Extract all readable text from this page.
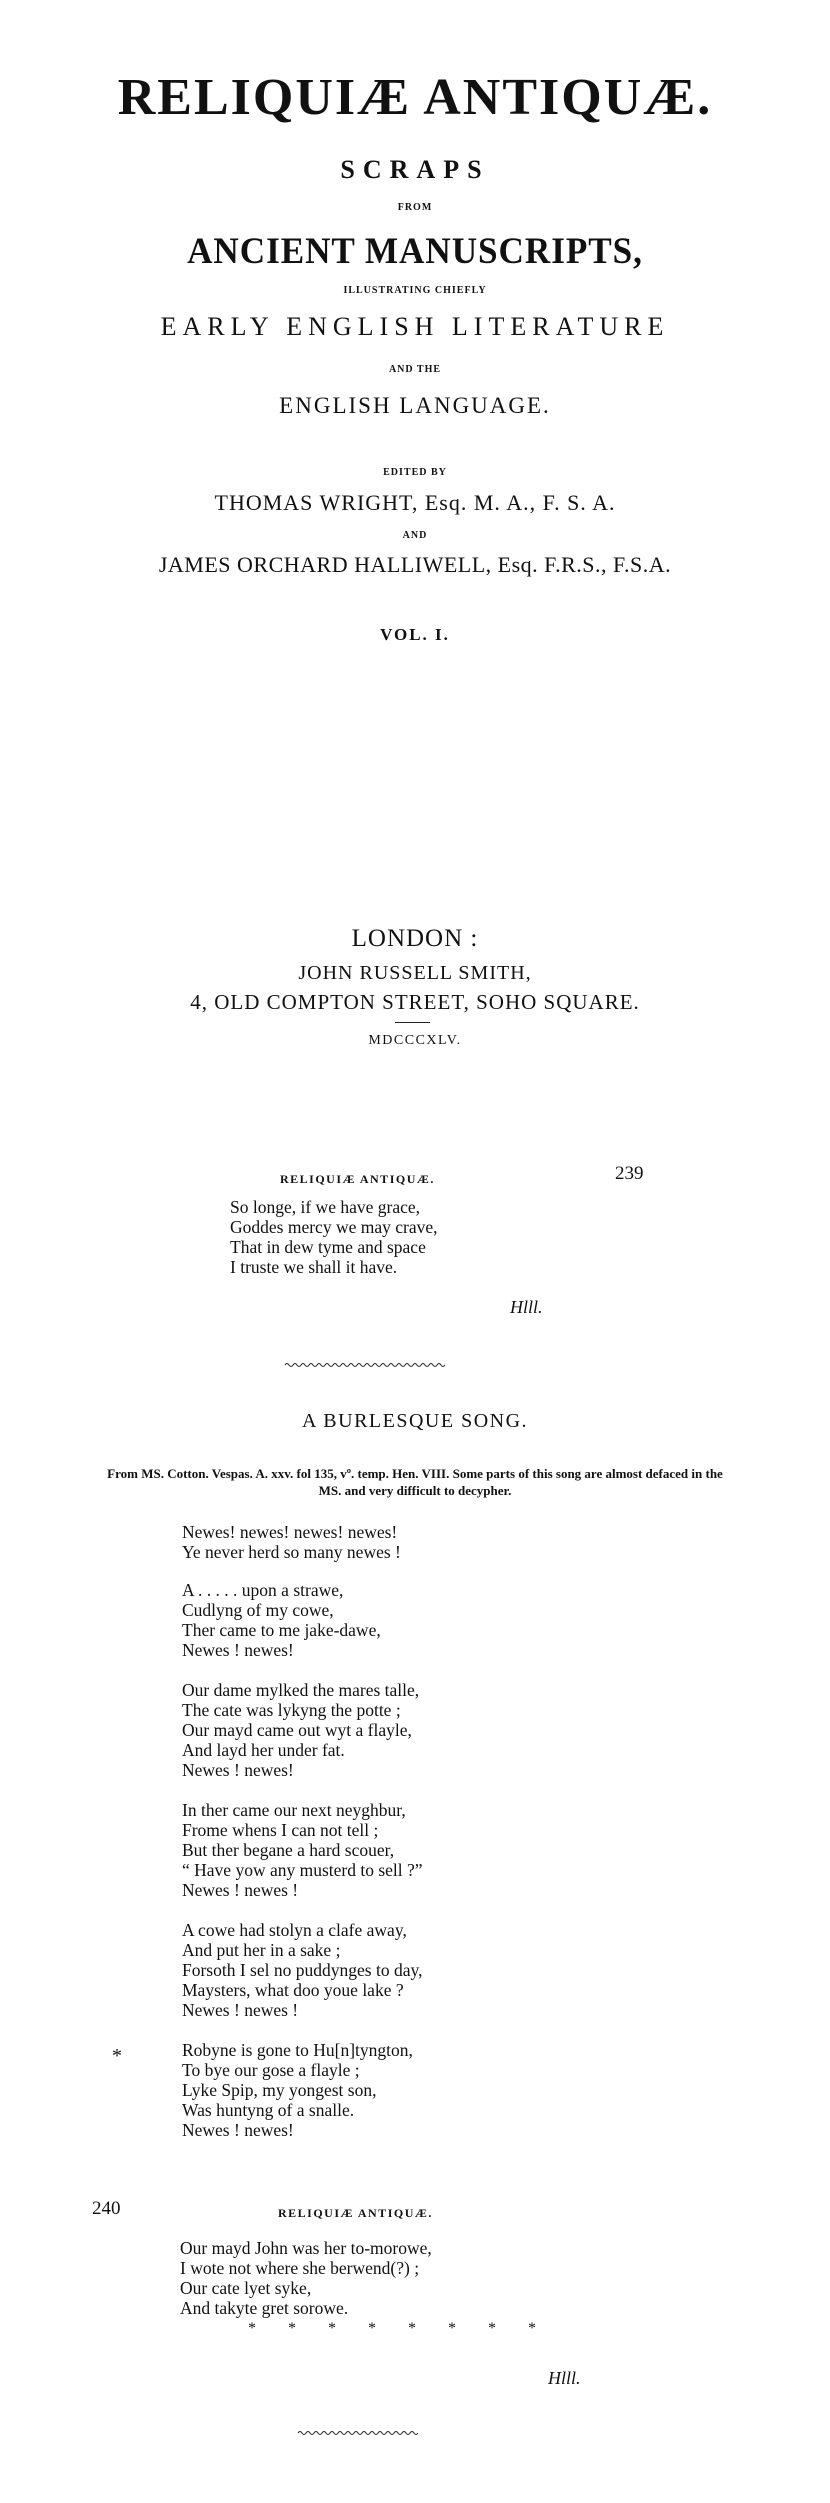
RELIQUIÆ ANTIQUÆ.
SCRAPS
FROM
ANCIENT MANUSCRIPTS,
ILLUSTRATING CHIEFLY
EARLY ENGLISH LITERATURE
AND THE
ENGLISH LANGUAGE.
EDITED BY
THOMAS WRIGHT, Esq. M. A., F. S. A.
AND
JAMES ORCHARD HALLIWELL, Esq. F.R.S., F.S.A.
VOL. I.
LONDON :
JOHN RUSSELL SMITH,
4, OLD COMPTON STREET, SOHO SQUARE.
MDCCCXLV.
RELIQUIÆ ANTIQUÆ.	239
So longe, if we have grace,
Goddes mercy we may crave,
That in dew tyme and space
I truste we shall it have.
Hlll.
A BURLESQUE SONG.
From MS. Cotton. Vespas. A. xxv. fol 135, vº. temp. Hen. VIII. Some parts of this song are almost defaced in the MS. and very difficult to decypher.
Newes! newes! newes! newes!
Ye never herd so many newes !
A . . . . . upon a strawe,
Cudlyng of my cowe,
Ther came to me jake-dawe,
Newes ! newes!
Our dame mylked the mares talle,
The cate was lykyng the potte ;
Our mayd came out wyt a flayle,
And layd her under fat.
Newes ! newes!
In ther came our next neyghbur,
Frome whens I can not tell ;
But ther begane a hard scouer,
“ Have yow any musterd to sell ?”
Newes ! newes !
A cowe had stolyn a clafe away,
And put her in a sake ;
Forsoth I sel no puddynges to day,
Maysters, what doo youe lake ?
Newes ! newes !
*	Robyne is gone to Hu[n]tyngton,
To bye our gose a flayle ;
Lyke Spip, my yongest son,
Was huntyng of a snalle.
Newes ! newes!
240	RELIQUIÆ ANTIQUÆ.
Our mayd John was her to-morowe,
I wote not where she berwend(?) ;
Our cate lyet syke,
And takyte gret sorowe.
* * * * * * * *
Hlll.
